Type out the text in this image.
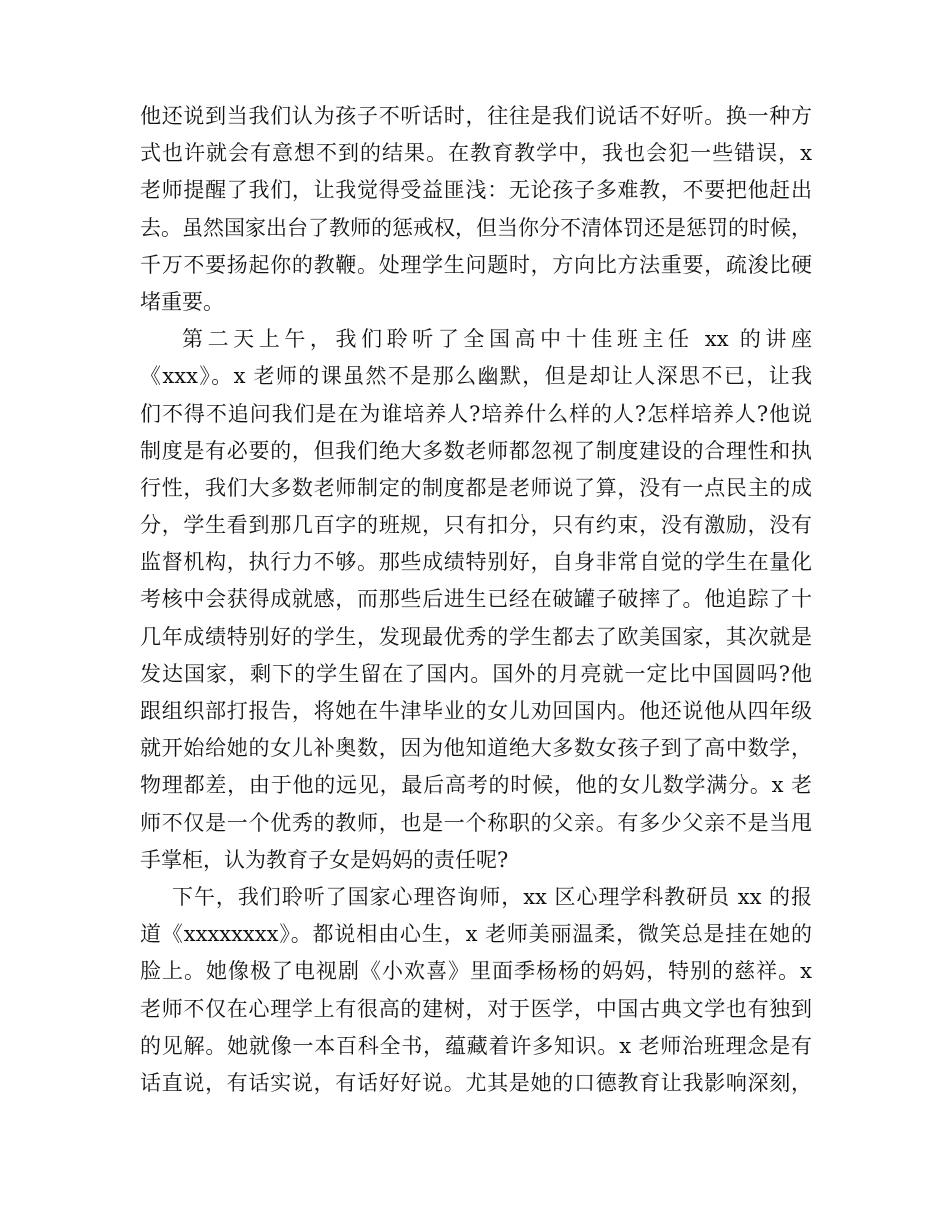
他还说到当我们认为孩子不听话时，往往是我们说话不好听。换一种方
式也许就会有意想不到的结果。在教育教学中，我也会犯一些错误，x
老师提醒了我们，让我觉得受益匪浅：无论孩子多难教，不要把他赶出
去。虽然国家出台了教师的惩戒权，但当你分不清体罚还是惩罚的时候，
千万不要扬起你的教鞭。处理学生问题时，方向比方法重要，疏浚比硬
堵重要。
第二天上午，我们聆听了全国高中十佳班主任 xx 的讲座
《xxx》。x 老师的课虽然不是那么幽默，但是却让人深思不已，让我
们不得不追问我们是在为谁培养人?培养什么样的人?怎样培养人?他说
制度是有必要的，但我们绝大多数老师都忽视了制度建设的合理性和执
行性，我们大多数老师制定的制度都是老师说了算，没有一点民主的成
分，学生看到那几百字的班规，只有扣分，只有约束，没有激励，没有
监督机构，执行力不够。那些成绩特别好，自身非常自觉的学生在量化
考核中会获得成就感，而那些后进生已经在破罐子破摔了。他追踪了十
几年成绩特别好的学生，发现最优秀的学生都去了欧美国家，其次就是
发达国家，剩下的学生留在了国内。国外的月亮就一定比中国圆吗?他
跟组织部打报告，将她在牛津毕业的女儿劝回国内。他还说他从四年级
就开始给她的女儿补奥数，因为他知道绝大多数女孩子到了高中数学，
物理都差，由于他的远见，最后高考的时候，他的女儿数学满分。x 老
师不仅是一个优秀的教师，也是一个称职的父亲。有多少父亲不是当甩
手掌柜，认为教育子女是妈妈的责任呢?
下午，我们聆听了国家心理咨询师，xx 区心理学科教研员 xx 的报
道《xxxxxxxx》。都说相由心生，x 老师美丽温柔，微笑总是挂在她的
脸上。她像极了电视剧《小欢喜》里面季杨杨的妈妈，特别的慈祥。x
老师不仅在心理学上有很高的建树，对于医学，中国古典文学也有独到
的见解。她就像一本百科全书，蕴藏着许多知识。x 老师治班理念是有
话直说，有话实说，有话好好说。尤其是她的口德教育让我影响深刻，
